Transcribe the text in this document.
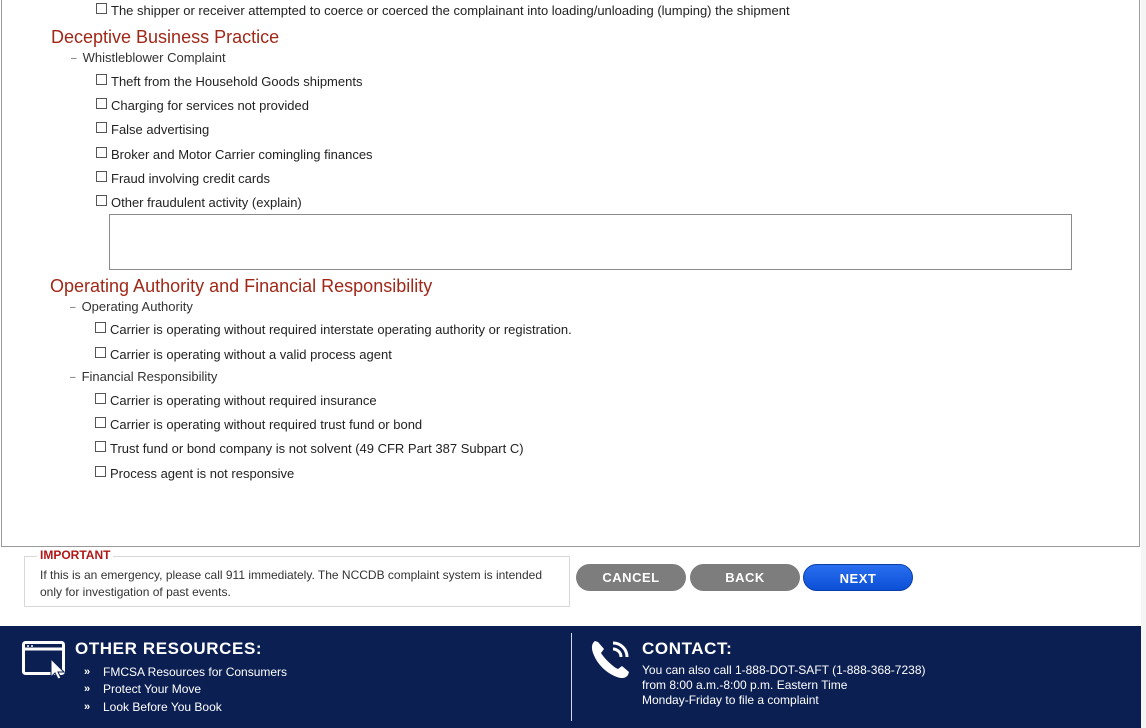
The shipper or receiver attempted to coerce or coerced the complainant into loading/unloading (lumping) the shipment
Deceptive Business Practice
– Whistleblower Complaint
Theft from the Household Goods shipments
Charging for services not provided
False advertising
Broker and Motor Carrier comingling finances
Fraud involving credit cards
Other fraudulent activity (explain)
Operating Authority and Financial Responsibility
– Operating Authority
Carrier is operating without required interstate operating authority or registration.
Carrier is operating without a valid process agent
– Financial Responsibility
Carrier is operating without required insurance
Carrier is operating without required trust fund or bond
Trust fund or bond company is not solvent (49 CFR Part 387 Subpart C)
Process agent is not responsive
IMPORTANT
If this is an emergency, please call 911 immediately. The NCCDB complaint system is intended only for investigation of past events.
CANCEL	BACK	NEXT
OTHER RESOURCES:
» FMCSA Resources for Consumers
» Protect Your Move
» Look Before You Book
CONTACT:
You can also call 1-888-DOT-SAFT (1-888-368-7238)
from 8:00 a.m.-8:00 p.m. Eastern Time
Monday-Friday to file a complaint
